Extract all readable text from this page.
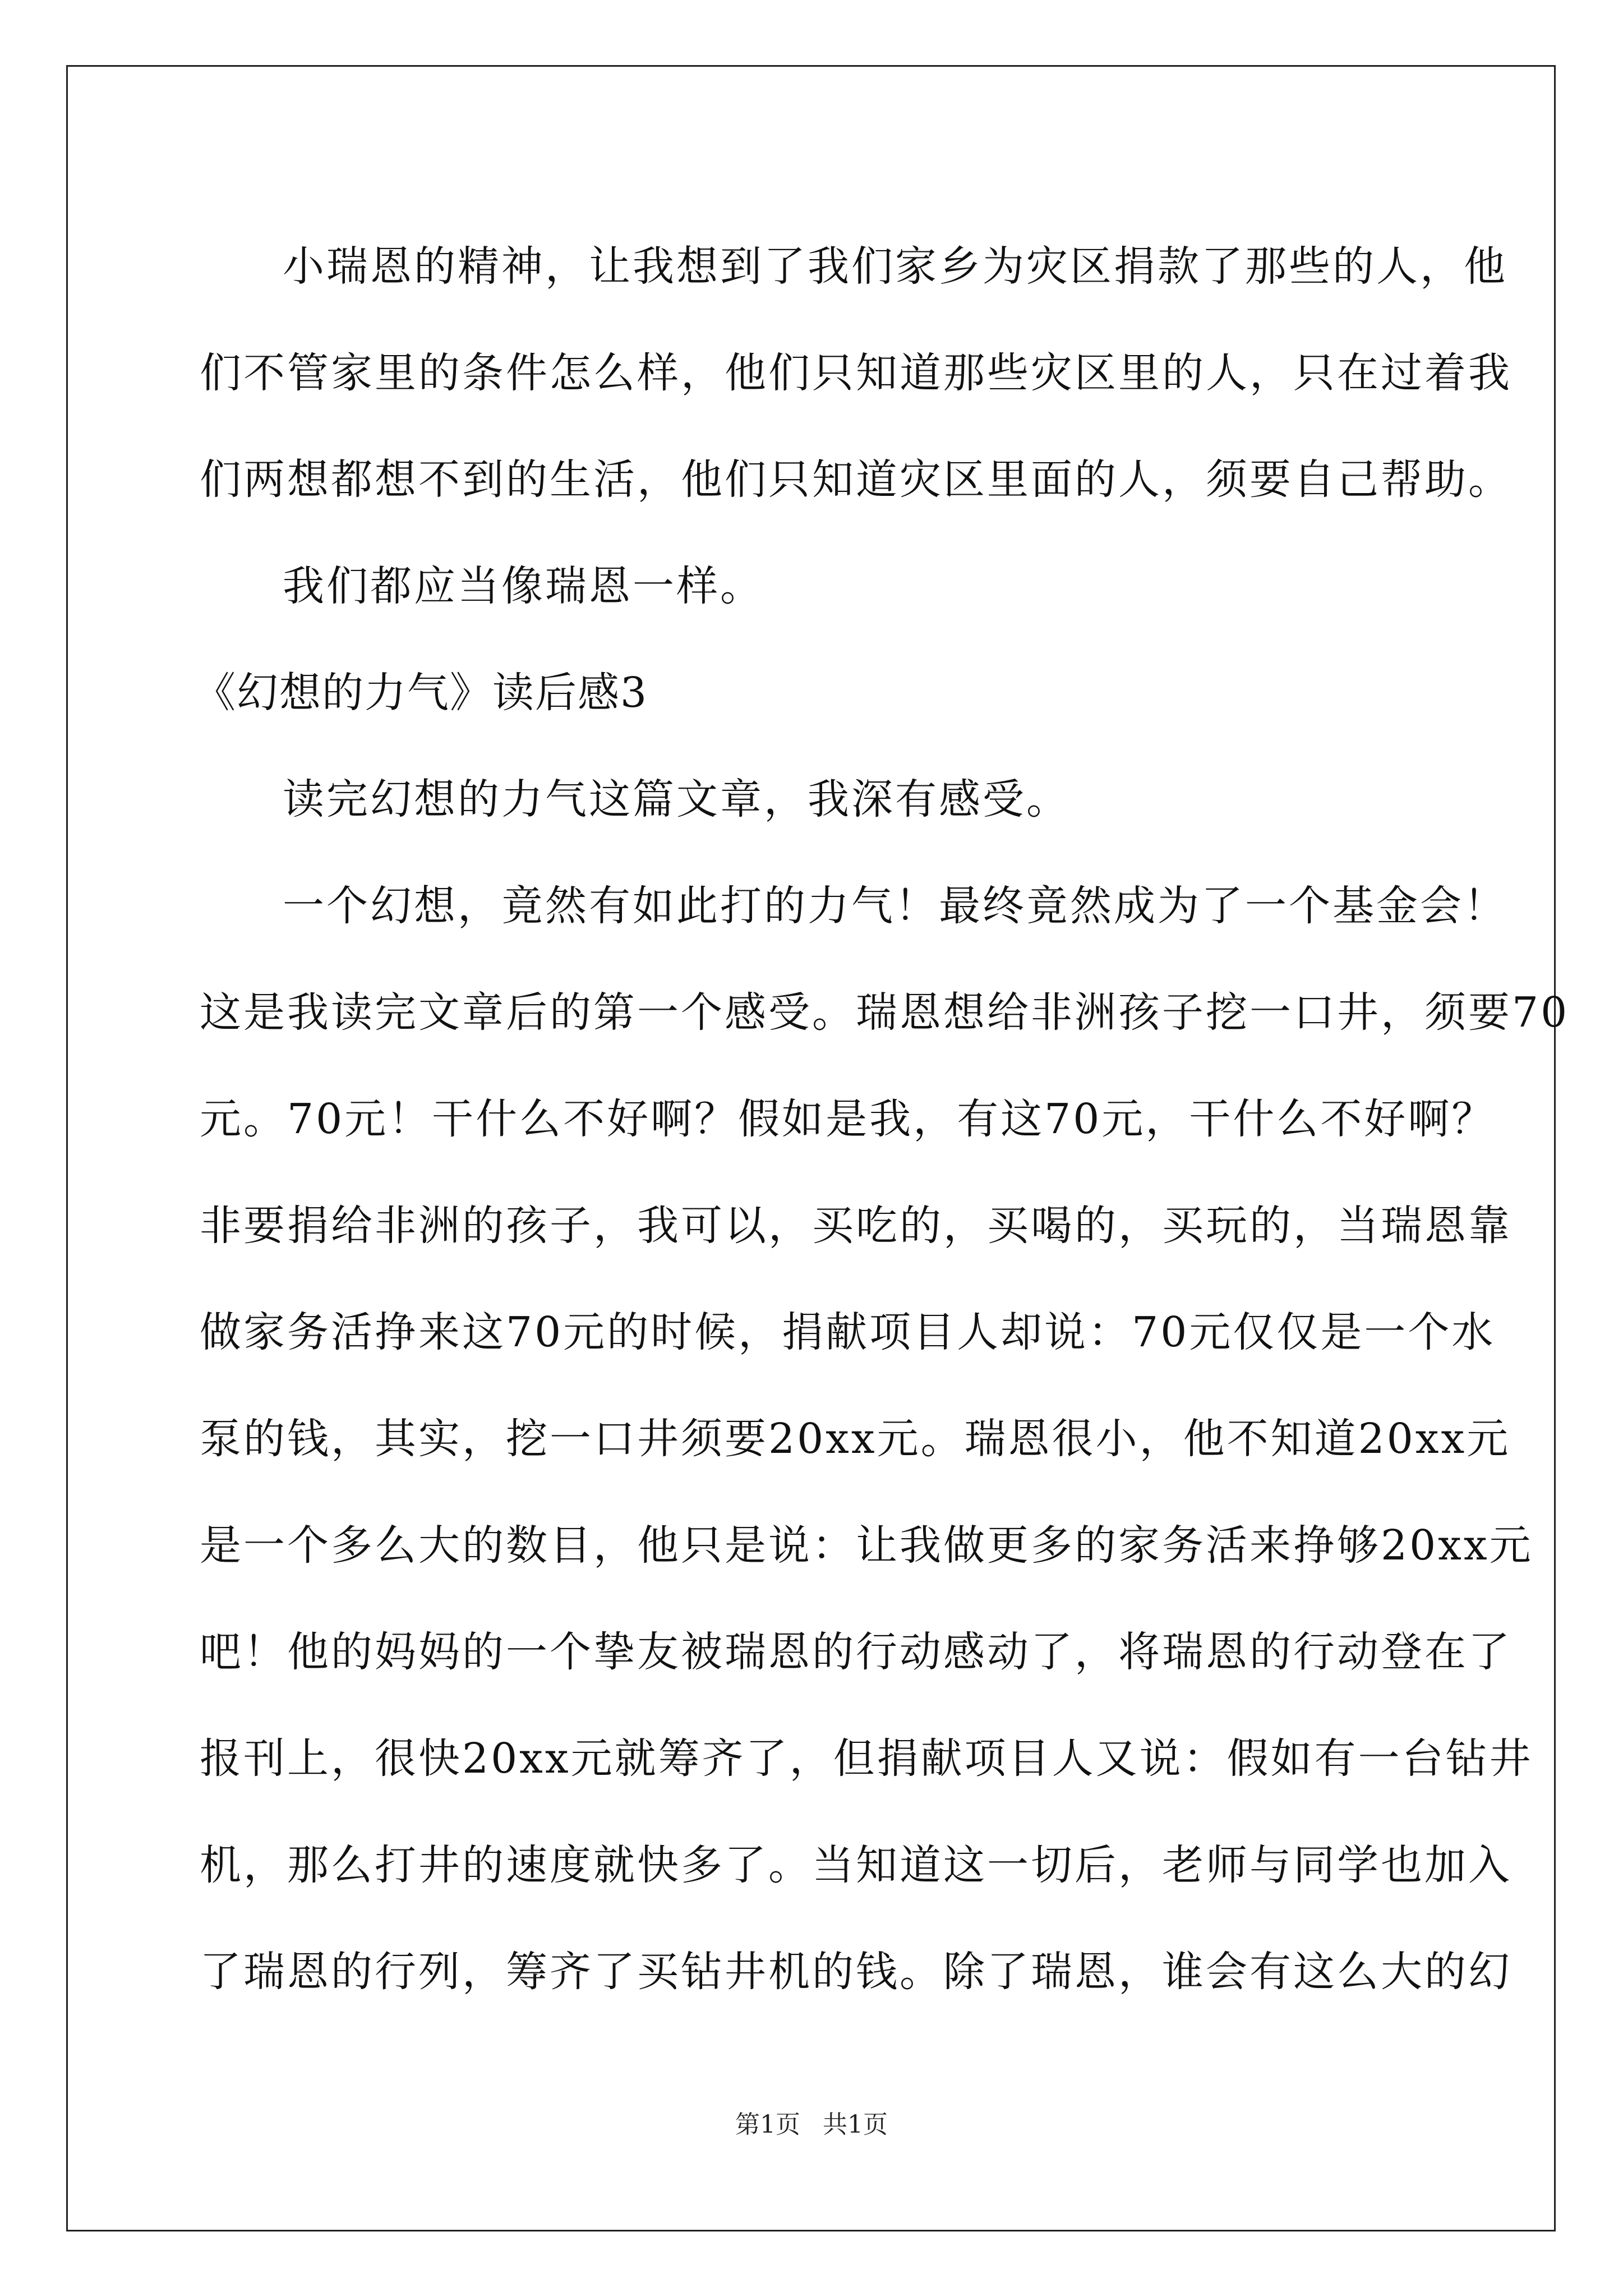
小瑞恩的精神，让我想到了我们家乡为灾区捐款了那些的人，他
们不管家里的条件怎么样，他们只知道那些灾区里的人，只在过着我
们两想都想不到的生活，他们只知道灾区里面的人，须要自己帮助。
我们都应当像瑞恩一样。
《幻想的力气》读后感3
读完幻想的力气这篇文章，我深有感受。
一个幻想，竟然有如此打的力气！最终竟然成为了一个基金会！
这是我读完文章后的第一个感受。瑞恩想给非洲孩子挖一口井，须要70
元。70元！干什么不好啊？假如是我，有这70元，干什么不好啊？
非要捐给非洲的孩子，我可以，买吃的，买喝的，买玩的，当瑞恩靠
做家务活挣来这70元的时候，捐献项目人却说：70元仅仅是一个水
泵的钱，其实，挖一口井须要20xx元。瑞恩很小，他不知道20xx元
是一个多么大的数目，他只是说：让我做更多的家务活来挣够20xx元
吧！他的妈妈的一个挚友被瑞恩的行动感动了，将瑞恩的行动登在了
报刊上，很快20xx元就筹齐了，但捐献项目人又说：假如有一台钻井
机，那么打井的速度就快多了。当知道这一切后，老师与同学也加入
了瑞恩的行列，筹齐了买钻井机的钱。除了瑞恩，谁会有这么大的幻
第1页 共1页
